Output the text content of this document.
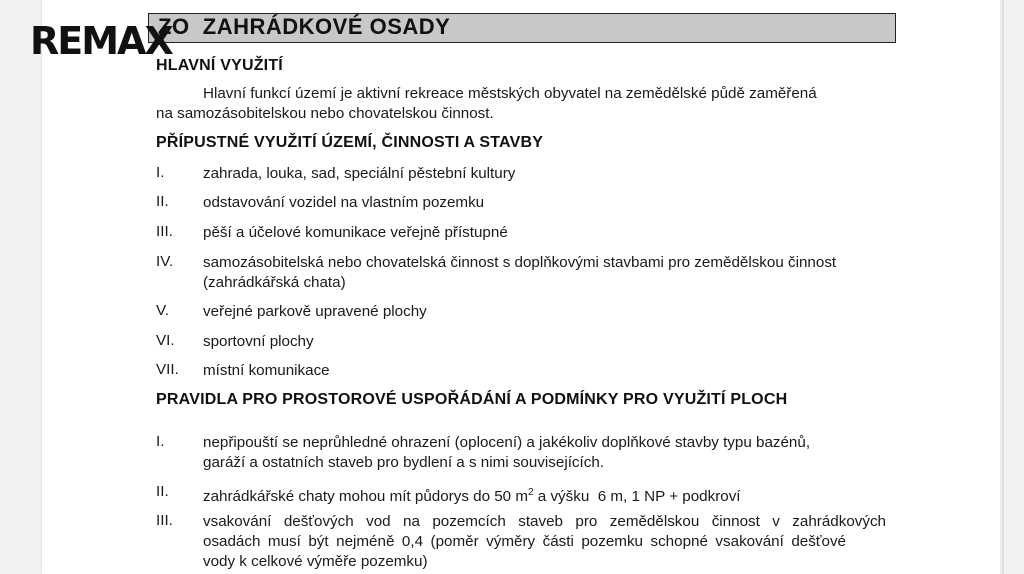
REMAX
ZO  ZAHRÁDKOVÉ OSADY
HLAVNÍ VYUŽITÍ
Hlavní funkcí území je aktivní rekreace městských obyvatel na zemědělské půdě zaměřená
na samozásobitelskou nebo chovatelskou činnost.
PŘÍPUSTNÉ VYUŽITÍ ÚZEMÍ, ČINNOSTI A STAVBY
I.	zahrada, louka, sad, speciální pěstební kultury
II. odstavování vozidel na vlastním pozemku
III. pěší a účelové komunikace veřejně přístupné
IV. samozásobitelská nebo chovatelská činnost s doplňkovými stavbami pro zemědělskou činnost
(zahrádkářská chata)
V. veřejné parkově upravené plochy
VI. sportovní plochy
VII. místní komunikace
PRAVIDLA PRO PROSTOROVÉ USPOŘÁDÁNÍ A PODMÍNKY PRO VYUŽITÍ PLOCH
I.	nepřipouští se neprůhledné ohrazení (oplocení) a jakékoliv doplňkové stavby typu bazénů,
garáží a ostatních staveb pro bydlení a s nimi souvisejících.
II. zahrádkářské chaty mohou mít půdorys do 50 $m^2$ a výšku  6 m, 1 NP + podkroví
III. vsakování dešťových vod na pozemcích staveb pro zemědělskou činnost v zahrádkových
osadách musí být nejméně 0,4 (poměr výměry části pozemku schopné vsakování dešťové
vody k celkové výměře pozemku)
